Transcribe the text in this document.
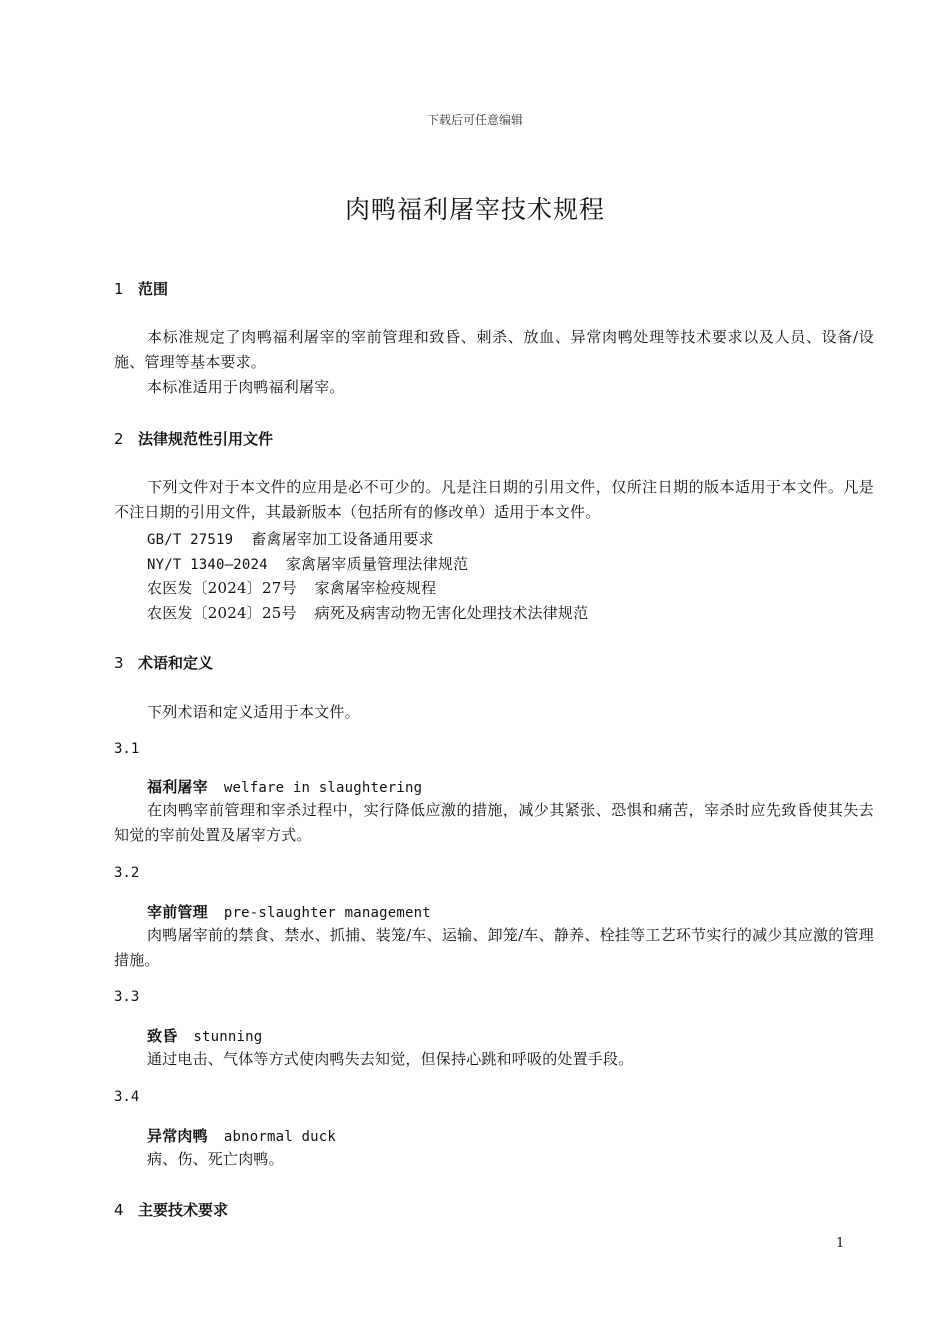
下载后可任意编辑
肉鸭福利屠宰技术规程
1 范围
本标准规定了肉鸭福利屠宰的宰前管理和致昏、刺杀、放血、异常肉鸭处理等技术要求以及人员、设备/设施、管理等基本要求。
本标准适用于肉鸭福利屠宰。
2 法律规范性引用文件
下列文件对于本文件的应用是必不可少的。凡是注日期的引用文件，仅所注日期的版本适用于本文件。凡是不注日期的引用文件，其最新版本（包括所有的修改单）适用于本文件。
GB/T 27519 畜禽屠宰加工设备通用要求
NY/T 1340—2024 家禽屠宰质量管理法律规范
农医发〔2024〕27号 家禽屠宰检疫规程
农医发〔2024〕25号 病死及病害动物无害化处理技术法律规范
3 术语和定义
下列术语和定义适用于本文件。
3.1
福利屠宰 welfare in slaughtering
在肉鸭宰前管理和宰杀过程中，实行降低应激的措施，减少其紧张、恐惧和痛苦，宰杀时应先致昏使其失去知觉的宰前处置及屠宰方式。
3.2
宰前管理 pre-slaughter management
肉鸭屠宰前的禁食、禁水、抓捕、装笼/车、运输、卸笼/车、静养、栓挂等工艺环节实行的减少其应激的管理措施。
3.3
致昏 stunning
通过电击、气体等方式使肉鸭失去知觉，但保持心跳和呼吸的处置手段。
3.4
异常肉鸭 abnormal duck
病、伤、死亡肉鸭。
4 主要技术要求
1
